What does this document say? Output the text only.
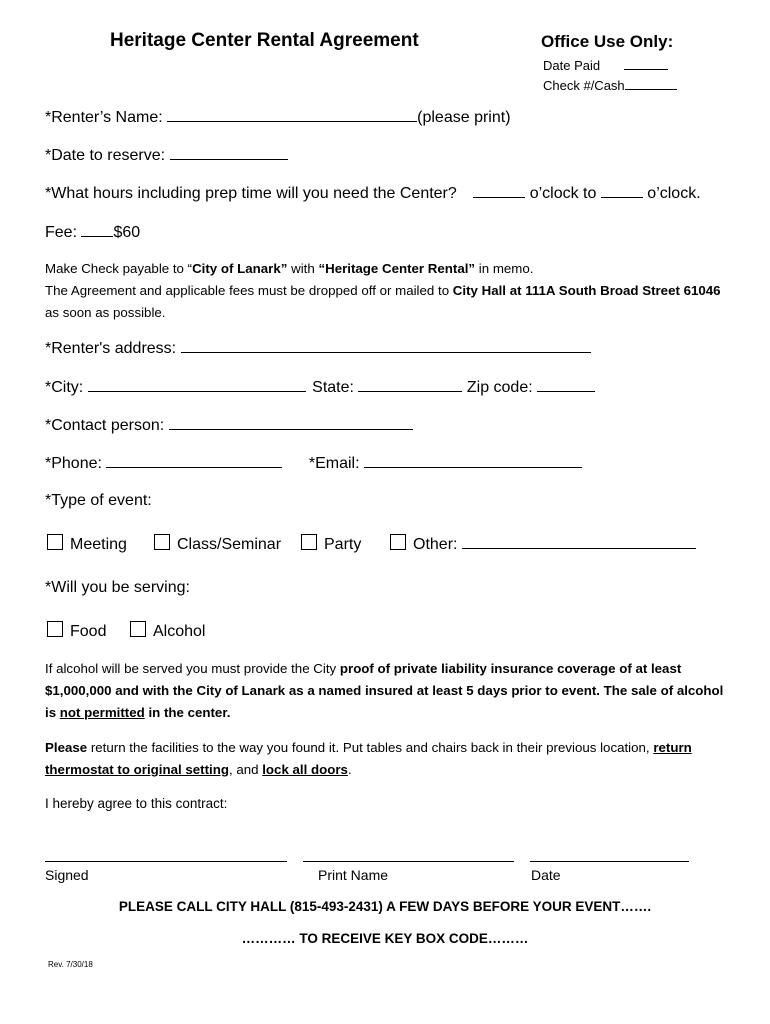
Heritage Center Rental Agreement	Office Use Only:
Date Paid
Check #/Cash
*Renter’s Name:	(please print)
*Date to reserve:
*What hours including prep time will you need the Center?	o’clock to	o’clock.
Fee: $60
Make Check payable to “City of Lanark” with “Heritage Center Rental” in memo.
The Agreement and applicable fees must be dropped off or mailed to City Hall at 111A South Broad Street 61046 as soon as possible.
*Renter's address:
*City:	State:	Zip code:
*Contact person:
*Phone:	*Email:
*Type of event:
Meeting	Class/Seminar	Party	Other:
*Will you be serving:
Food	Alcohol
If alcohol will be served you must provide the City proof of private liability insurance coverage of at least $1,000,000 and with the City of Lanark as a named insured at least 5 days prior to event. The sale of alcohol is not permitted in the center.
Please return the facilities to the way you found it. Put tables and chairs back in their previous location, return thermostat to original setting, and lock all doors.
I hereby agree to this contract:
Signed	Print Name	Date
PLEASE CALL CITY HALL (815-493-2431) A FEW DAYS BEFORE YOUR EVENT…….
………… TO RECEIVE KEY BOX CODE………
Rev. 7/30/18
